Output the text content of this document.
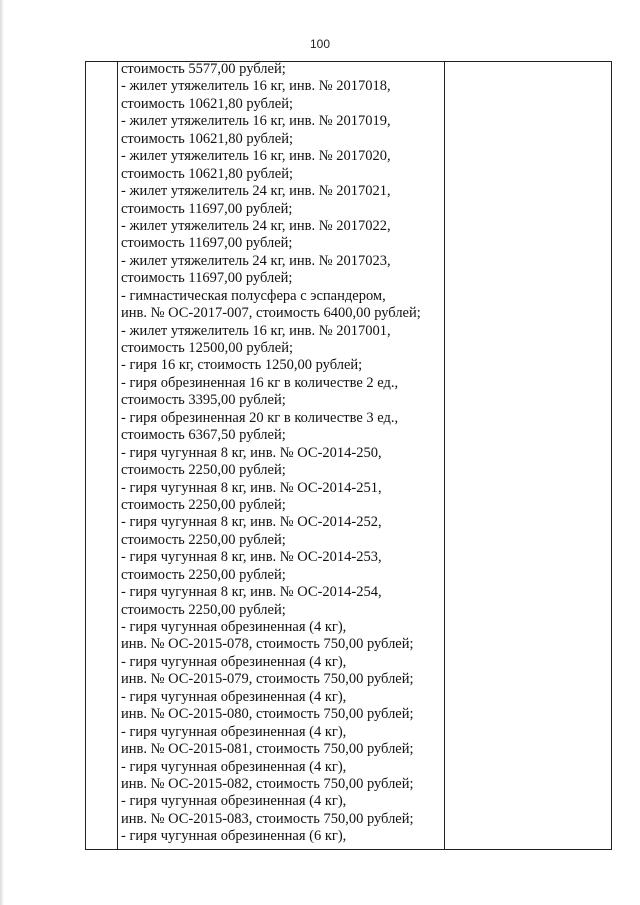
100
стоимость 5577,00 рублей;
- жилет утяжелитель 16 кг, инв. № 2017018,
стоимость 10621,80 рублей;
- жилет утяжелитель 16 кг, инв. № 2017019,
стоимость 10621,80 рублей;
- жилет утяжелитель 16 кг, инв. № 2017020,
стоимость 10621,80 рублей;
- жилет утяжелитель 24 кг, инв. № 2017021,
стоимость 11697,00 рублей;
- жилет утяжелитель 24 кг, инв. № 2017022,
стоимость 11697,00 рублей;
- жилет утяжелитель 24 кг, инв. № 2017023,
стоимость 11697,00 рублей;
- гимнастическая полусфера с эспандером,
инв. № ОС-2017-007, стоимость 6400,00 рублей;
- жилет утяжелитель 16 кг, инв. № 2017001,
стоимость 12500,00 рублей;
- гиря 16 кг, стоимость 1250,00 рублей;
- гиря обрезиненная 16 кг в количестве 2 ед.,
стоимость 3395,00 рублей;
- гиря обрезиненная 20 кг в количестве 3 ед.,
стоимость 6367,50 рублей;
- гиря чугунная 8 кг, инв. № ОС-2014-250,
стоимость 2250,00 рублей;
- гиря чугунная 8 кг, инв. № ОС-2014-251,
стоимость 2250,00 рублей;
- гиря чугунная 8 кг, инв. № ОС-2014-252,
стоимость 2250,00 рублей;
- гиря чугунная 8 кг, инв. № ОС-2014-253,
стоимость 2250,00 рублей;
- гиря чугунная 8 кг, инв. № ОС-2014-254,
стоимость 2250,00 рублей;
- гиря чугунная обрезиненная (4 кг),
инв. № ОС-2015-078, стоимость 750,00 рублей;
- гиря чугунная обрезиненная (4 кг),
инв. № ОС-2015-079, стоимость 750,00 рублей;
- гиря чугунная обрезиненная (4 кг),
инв. № ОС-2015-080, стоимость 750,00 рублей;
- гиря чугунная обрезиненная (4 кг),
инв. № ОС-2015-081, стоимость 750,00 рублей;
- гиря чугунная обрезиненная (4 кг),
инв. № ОС-2015-082, стоимость 750,00 рублей;
- гиря чугунная обрезиненная (4 кг),
инв. № ОС-2015-083, стоимость 750,00 рублей;
- гиря чугунная обрезиненная (6 кг),
